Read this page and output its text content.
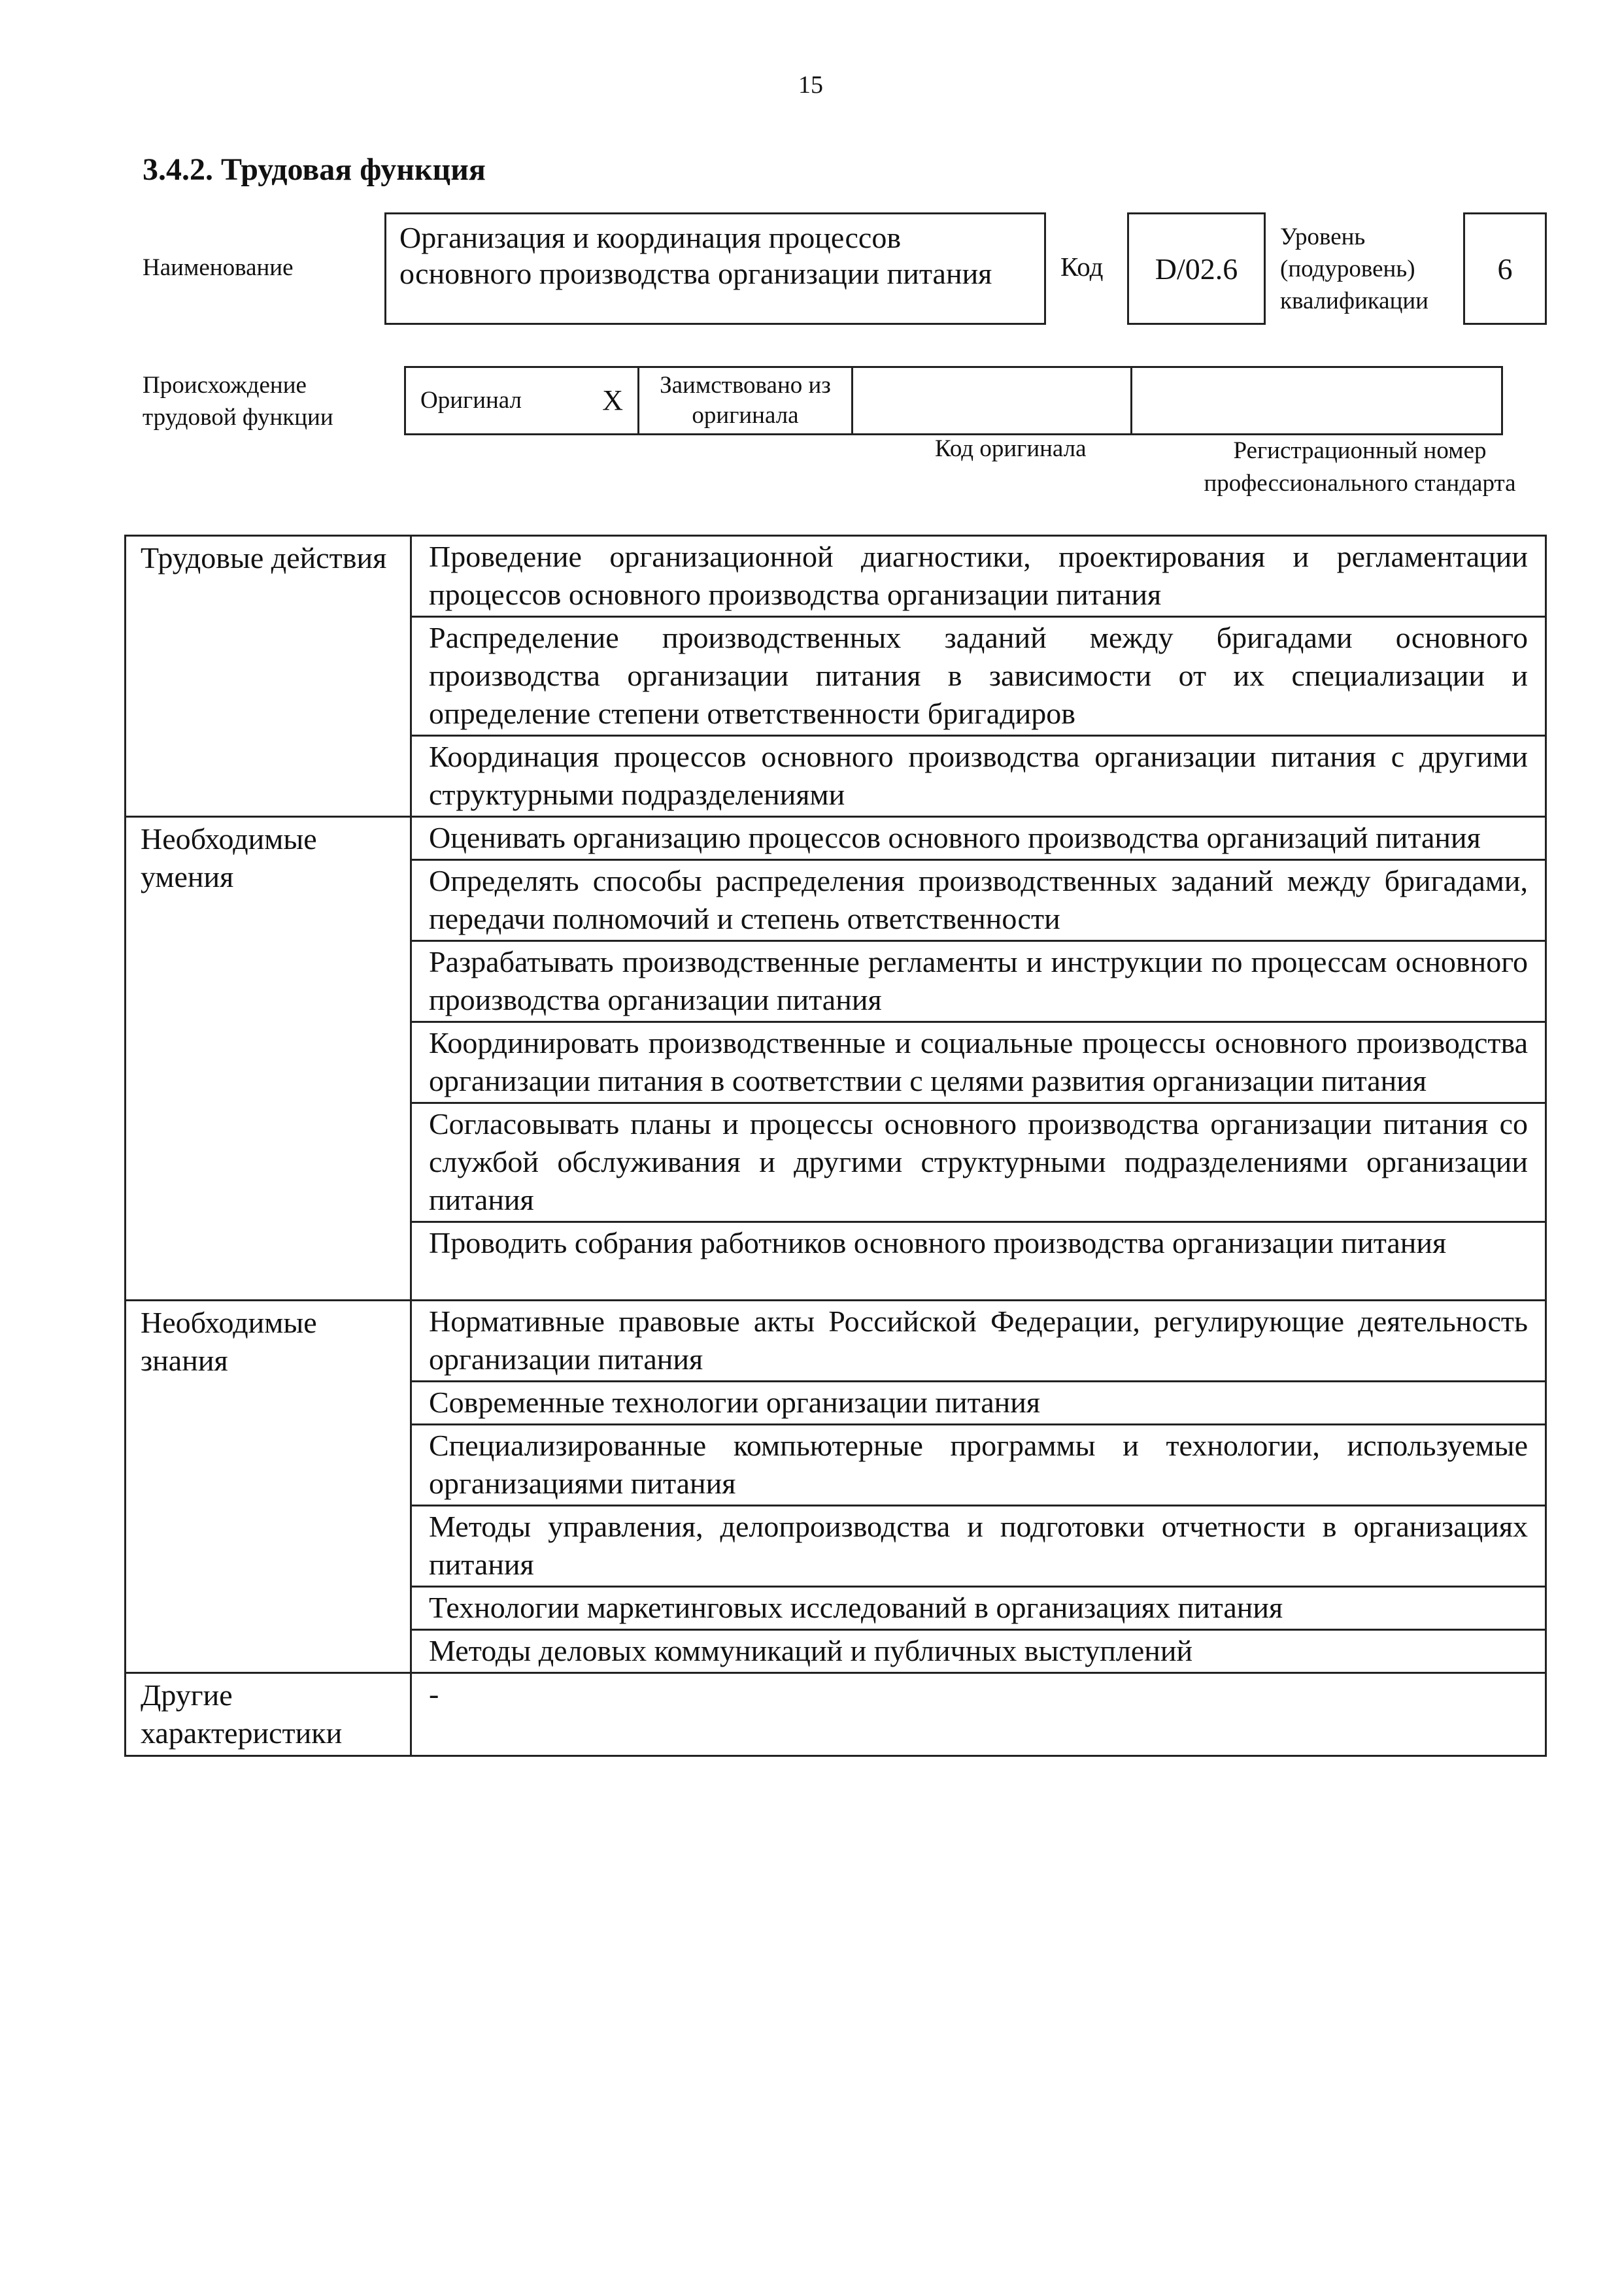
15
3.4.2. Трудовая функция
Наименование
Организация и координация процессов основного производства организации питания	Код	D/02.6
Уровень (подуровень) квалификации
6
Происхождение трудовой функции
Оригинал	X	Заимствовано из оригинала		
Код оригинала	Регистрационный номер профессионального стандарта
Трудовые действия	Проведение организационной диагностики, проектирования и регламентации процессов основного производства организации питания
	Распределение производственных заданий между бригадами основного производства организации питания в зависимости от их специализации и определение степени ответственности бригадиров
	Координация процессов основного производства организации питания с другими структурными подразделениями
Необходимые умения	Оценивать организацию процессов основного производства организаций питания
	Определять способы распределения производственных заданий между бригадами, передачи полномочий и степень ответственности
	Разрабатывать производственные регламенты и инструкции по процессам основного производства организации питания
	Координировать производственные и социальные процессы основного производства организации питания в соответствии с целями развития организации питания
	Согласовывать планы и процессы основного производства организации питания со службой обслуживания и другими структурными подразделениями организации питания
	Проводить собрания работников основного производства организации питания
Необходимые знания	Нормативные правовые акты Российской Федерации, регулирующие деятельность организации питания
	Современные технологии организации питания
	Специализированные компьютерные программы и технологии, используемые организациями питания
	Методы управления, делопроизводства и подготовки отчетности в организациях питания
	Технологии маркетинговых исследований в организациях питания
	Методы деловых коммуникаций и публичных выступлений
Другие характеристики	-
